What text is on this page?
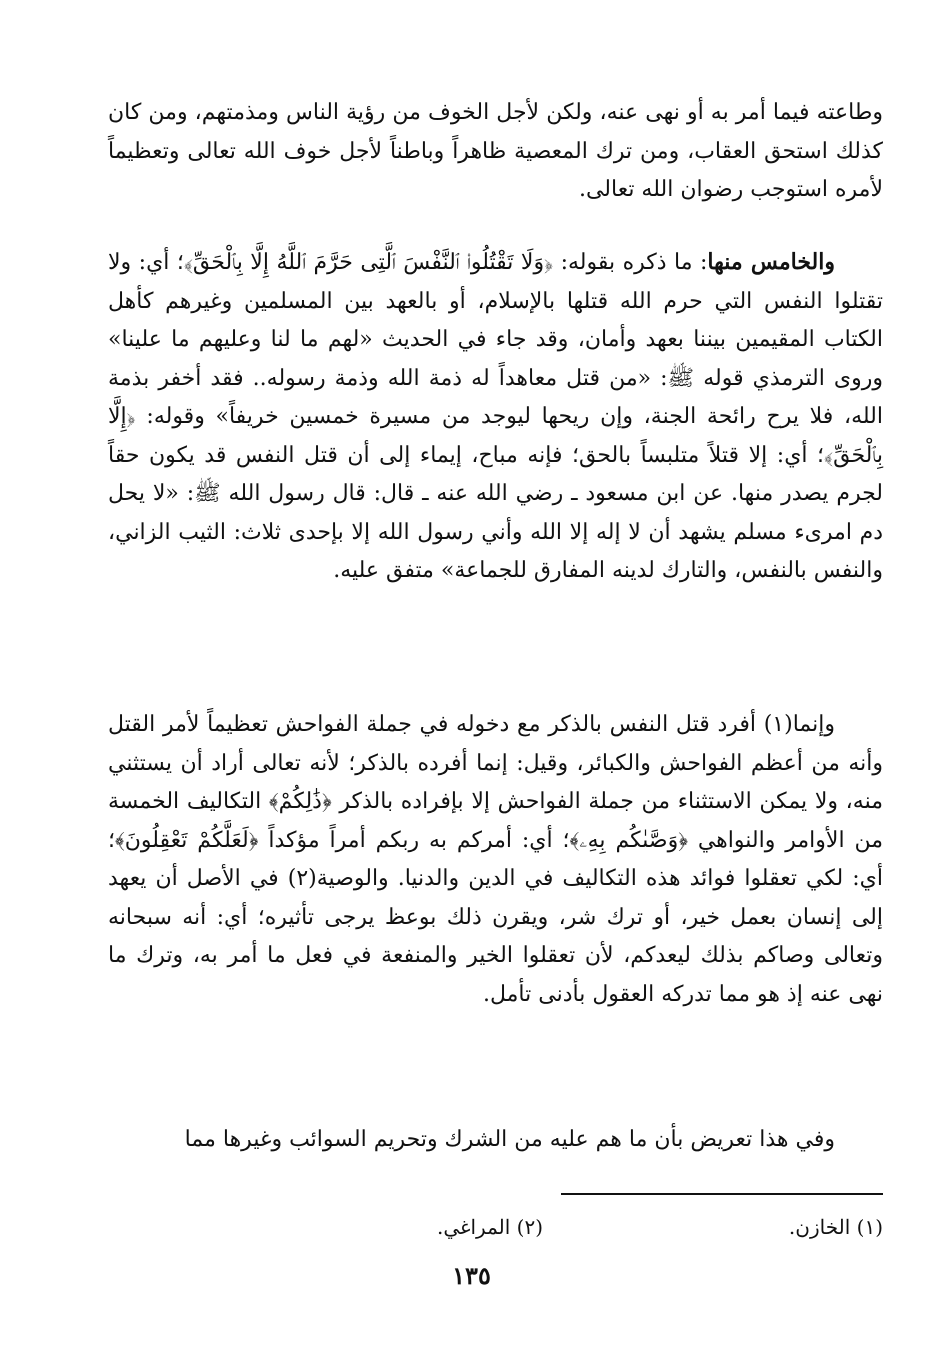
وطاعته فيما أمر به أو نهى عنه، ولكن لأجل الخوف من رؤية الناس ومذمتهم، ومن كان كذلك استحق العقاب، ومن ترك المعصية ظاهراً وباطناً لأجل خوف الله تعالى وتعظيماً لأمره استوجب رضوان الله تعالى.

والخامس منها: ما ذكره بقوله: ﴿وَلَا تَقْتُلُوا۟ ٱلنَّفْسَ ٱلَّتِى حَرَّمَ ٱللَّهُ إِلَّا بِٱلْحَقِّ﴾؛ أي: ولا تقتلوا النفس التي حرم الله قتلها بالإسلام، أو بالعهد بين المسلمين وغيرهم كأهل الكتاب المقيمين بيننا بعهد وأمان، وقد جاء في الحديث «لهم ما لنا وعليهم ما علينا» وروى الترمذي قوله ﷺ: «من قتل معاهداً له ذمة الله وذمة رسوله.. فقد أخفر بذمة الله، فلا يرح رائحة الجنة، وإن ريحها ليوجد من مسيرة خمسين خريفاً» وقوله: ﴿إِلَّا بِٱلْحَقِّ﴾؛ أي: إلا قتلاً متلبساً بالحق؛ فإنه مباح، إيماء إلى أن قتل النفس قد يكون حقاً لجرم يصدر منها. عن ابن مسعود ـ رضي الله عنه ـ قال: قال رسول الله ﷺ: «لا يحل دم امرىء مسلم يشهد أن لا إله إلا الله وأني رسول الله إلا بإحدى ثلاث: الثيب الزاني، والنفس بالنفس، والتارك لدينه المفارق للجماعة» متفق عليه.

وإنما(١) أفرد قتل النفس بالذكر مع دخوله في جملة الفواحش تعظيماً لأمر القتل وأنه من أعظم الفواحش والكبائر، وقيل: إنما أفرده بالذكر؛ لأنه تعالى أراد أن يستثني منه، ولا يمكن الاستثناء من جملة الفواحش إلا بإفراده بالذكر ﴿ذَٰلِكُمْ﴾ التكاليف الخمسة من الأوامر والنواهي ﴿وَصَّىٰكُم بِهِۦ﴾؛ أي: أمركم به ربكم أمراً مؤكداً ﴿لَعَلَّكُمْ تَعْقِلُونَ﴾؛ أي: لكي تعقلوا فوائد هذه التكاليف في الدين والدنيا. والوصية(٢) في الأصل أن يعهد إلى إنسان بعمل خير، أو ترك شر، ويقرن ذلك بوعظ يرجى تأثيره؛ أي: أنه سبحانه وتعالى وصاكم بذلك ليعدكم، لأن تعقلوا الخير والمنفعة في فعل ما أمر به، وترك ما نهى عنه إذ هو مما تدركه العقول بأدنى تأمل.

وفي هذا تعريض بأن ما هم عليه من الشرك وتحريم السوائب وغيرها مما

(١) الخازن.
(٢) المراغي.
١٣٥
